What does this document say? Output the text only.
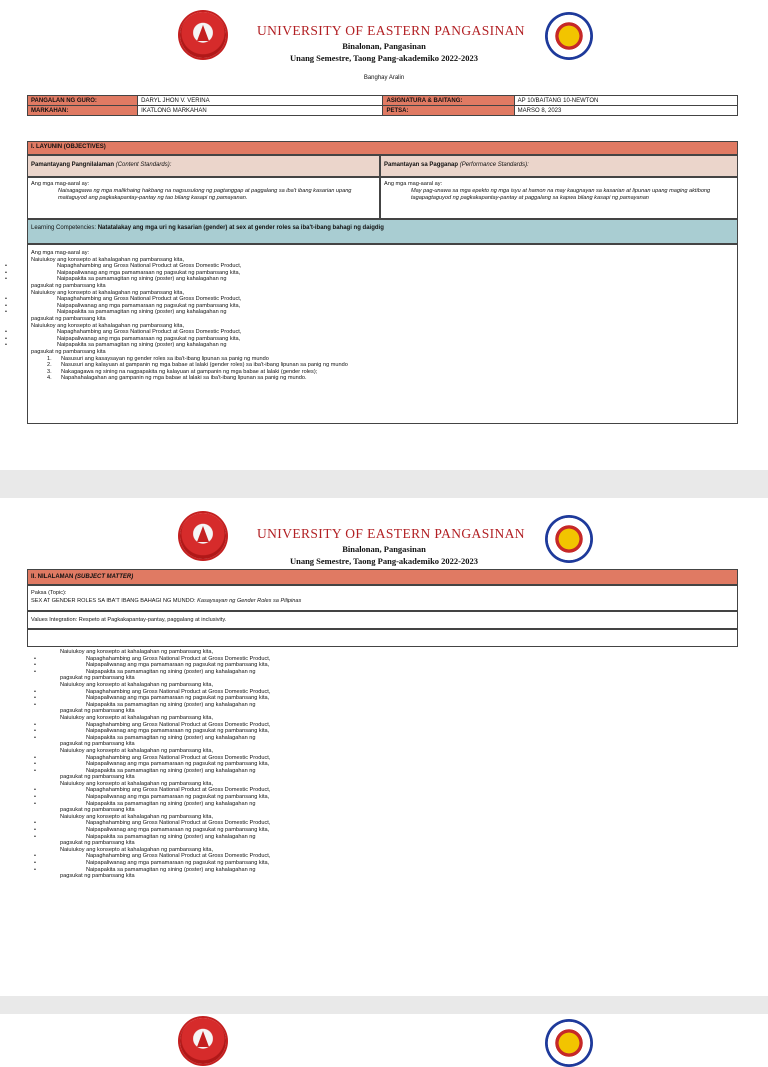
UNIVERSITY OF EASTERN PANGASINAN
Binalonan, Pangasinan
Unang Semestre, Taong Pang-akademiko 2022-2023
Banghay Aralin
PANGALAN NG GURO:	DARYL JHON V. VERINA	ASIGNATURA & BAITANG:	AP 10/BAITANG 10-NEWTON
MARKAHAN:	IKATLONG MARKAHAN	PETSA:	MARSO 8, 2023
I. LAYUNIN (OBJECTIVES)
Pamantayang Pangnilalaman (Content Standards):	Pamantayan sa Pagganap (Performance Standards):
Ang mga mag-aaral ay:
Naisagagawa ng mga malikhaing hakbang na nagsusulong ng pagtanggap at paggalang sa iba't ibang kasarian upang maitaguyod ang pagkakapantay-pantay ng tao bilang kasapi ng pamayanan.
Ang mga mag-aaral ay:
May pag-unawa sa mga epekto ng mga isyu at hamon na may kaugnayan sa kasarian at lipunan upang maging aktibong tagapagtaguyod ng pagkakapantay-pantay at paggalang sa kapwa bilang kasapi ng pamayanan
Learning Competencies: Natatalakay ang mga uri ng kasarian (gender) at sex at gender roles sa iba't-ibang bahagi ng daigdig
Ang mga mag-aaral ay:
Naiuiukoy ang konsepto at kahalagahan ng pambansang kita,
• Napaghahambing ang Gross National Product at Gross Domestic Product,
• Naipapaliwanag ang mga pamamaraan ng pagsukat ng pambansang kita,
• Naipapakita sa pamamagitan ng sining (poster) ang kahalagahan ng
pagsukat ng pambansang kita
Naiuiukoy ang konsepto at kahalagahan ng pambansang kita,
• Napaghahambing ang Gross National Product at Gross Domestic Product,
• Naipapaliwanag ang mga pamamaraan ng pagsukat ng pambansang kita,
• Naipapakita sa pamamagitan ng sining (poster) ang kahalagahan ng
pagsukat ng pambansang kita
Naiuiukoy ang konsepto at kahalagahan ng pambansang kita,
• Napaghahambing ang Gross National Product at Gross Domestic Product,
• Naipapaliwanag ang mga pamamaraan ng pagsukat ng pambansang kita,
• Naipapakita sa pamamagitan ng sining (poster) ang kahalagahan ng
pagsukat ng pambansang kita
1. Nasusuri ang kasaysayan ng gender roles sa iba't-ibang lipunan sa panig ng mundo
2. Nasusuri ang kalayuan at gampanin ng mga babae at lalaki (gender roles) sa iba't-ibang lipunan sa panig ng mundo
3. Nakagagawa ng sining na nagpapakita ng kalayuan at gampanin ng mga babae at lalaki (gender roles);
4. Napahahalagahan ang gampanin ng mga babae at lalaki sa iba't-ibang lipunan sa panig ng mundo.
UNIVERSITY OF EASTERN PANGASINAN
Binalonan, Pangasinan
Unang Semestre, Taong Pang-akademiko 2022-2023
II. NILALAMAN (SUBJECT MATTER)
Paksa (Topic):
SEX AT GENDER ROLES SA IBA'T IBANG BAHAGI NG MUNDO: Kasaysayan ng Gender Roles sa Pilipinas
Values Integration: Respeto at Pagkakapantay-pantay, paggalang at inclusivity.
Naiuiukoy ang konsepto at kahalagahan ng pambansang kita,
• Napaghahambing ang Gross National Product at Gross Domestic Product,
• Naipapaliwanag ang mga pamamaraan ng pagsukat ng pambansang kita,
• Naipapakita sa pamamagitan ng sining (poster) ang kahalagahan ng
pagsukat ng pambansang kita
Naiuiukoy ang konsepto at kahalagahan ng pambansang kita,
• Napaghahambing ang Gross National Product at Gross Domestic Product,
• Naipapaliwanag ang mga pamamaraan ng pagsukat ng pambansang kita,
• Naipapakita sa pamamagitan ng sining (poster) ang kahalagahan ng
pagsukat ng pambansang kita
Naiuiukoy ang konsepto at kahalagahan ng pambansang kita,
• Napaghahambing ang Gross National Product at Gross Domestic Product,
• Naipapaliwanag ang mga pamamaraan ng pagsukat ng pambansang kita,
• Naipapakita sa pamamagitan ng sining (poster) ang kahalagahan ng
pagsukat ng pambansang kita
Naiuiukoy ang konsepto at kahalagahan ng pambansang kita,
• Napaghahambing ang Gross National Product at Gross Domestic Product,
• Naipapaliwanag ang mga pamamaraan ng pagsukat ng pambansang kita,
• Naipapakita sa pamamagitan ng sining (poster) ang kahalagahan ng
pagsukat ng pambansang kita
Naiuiukoy ang konsepto at kahalagahan ng pambansang kita,
• Napaghahambing ang Gross National Product at Gross Domestic Product,
• Naipapaliwanag ang mga pamamaraan ng pagsukat ng pambansang kita,
• Naipapakita sa pamamagitan ng sining (poster) ang kahalagahan ng
pagsukat ng pambansang kita
Naiuiukoy ang konsepto at kahalagahan ng pambansang kita,
• Napaghahambing ang Gross National Product at Gross Domestic Product,
• Naipapaliwanag ang mga pamamaraan ng pagsukat ng pambansang kita,
• Naipapakita sa pamamagitan ng sining (poster) ang kahalagahan ng
pagsukat ng pambansang kita
Naiuiukoy ang konsepto at kahalagahan ng pambansang kita,
• Napaghahambing ang Gross National Product at Gross Domestic Product,
• Naipapaliwanag ang mga pamamaraan ng pagsukat ng pambansang kita,
• Naipapakita sa pamamagitan ng sining (poster) ang kahalagahan ng
pagsukat ng pambansang kita
